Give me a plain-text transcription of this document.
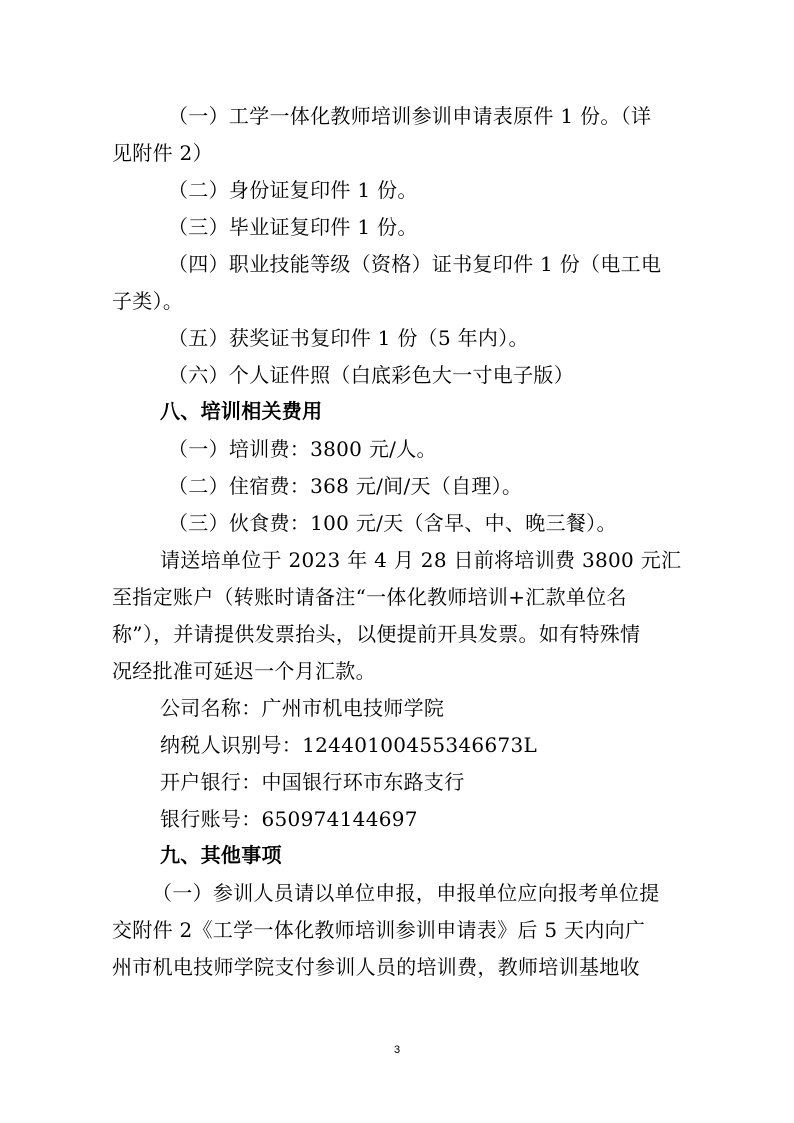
（一）工学一体化教师培训参训申请表原件 1 份。（详
见附件 2）
（二）身份证复印件 1 份。
（三）毕业证复印件 1 份。
（四）职业技能等级（资格）证书复印件 1 份（电工电
子类）。
（五）获奖证书复印件 1 份（5 年内）。
（六）个人证件照（白底彩色大一寸电子版）
八、培训相关费用
（一）培训费：3800 元/人。
（二）住宿费：368 元/间/天（自理）。
（三）伙食费：100 元/天（含早、中、晚三餐）。
请送培单位于 2023 年 4 月 28 日前将培训费 3800 元汇
至指定账户（转账时请备注“一体化教师培训+汇款单位名
称”），并请提供发票抬头，以便提前开具发票。如有特殊情
况经批准可延迟一个月汇款。
公司名称：广州市机电技师学院
纳税人识别号：12440100455346673L
开户银行：中国银行环市东路支行
银行账号：650974144697
九、其他事项
（一）参训人员请以单位申报，申报单位应向报考单位提
交附件 2《工学一体化教师培训参训申请表》后 5 天内向广
州市机电技师学院支付参训人员的培训费，教师培训基地收
3
